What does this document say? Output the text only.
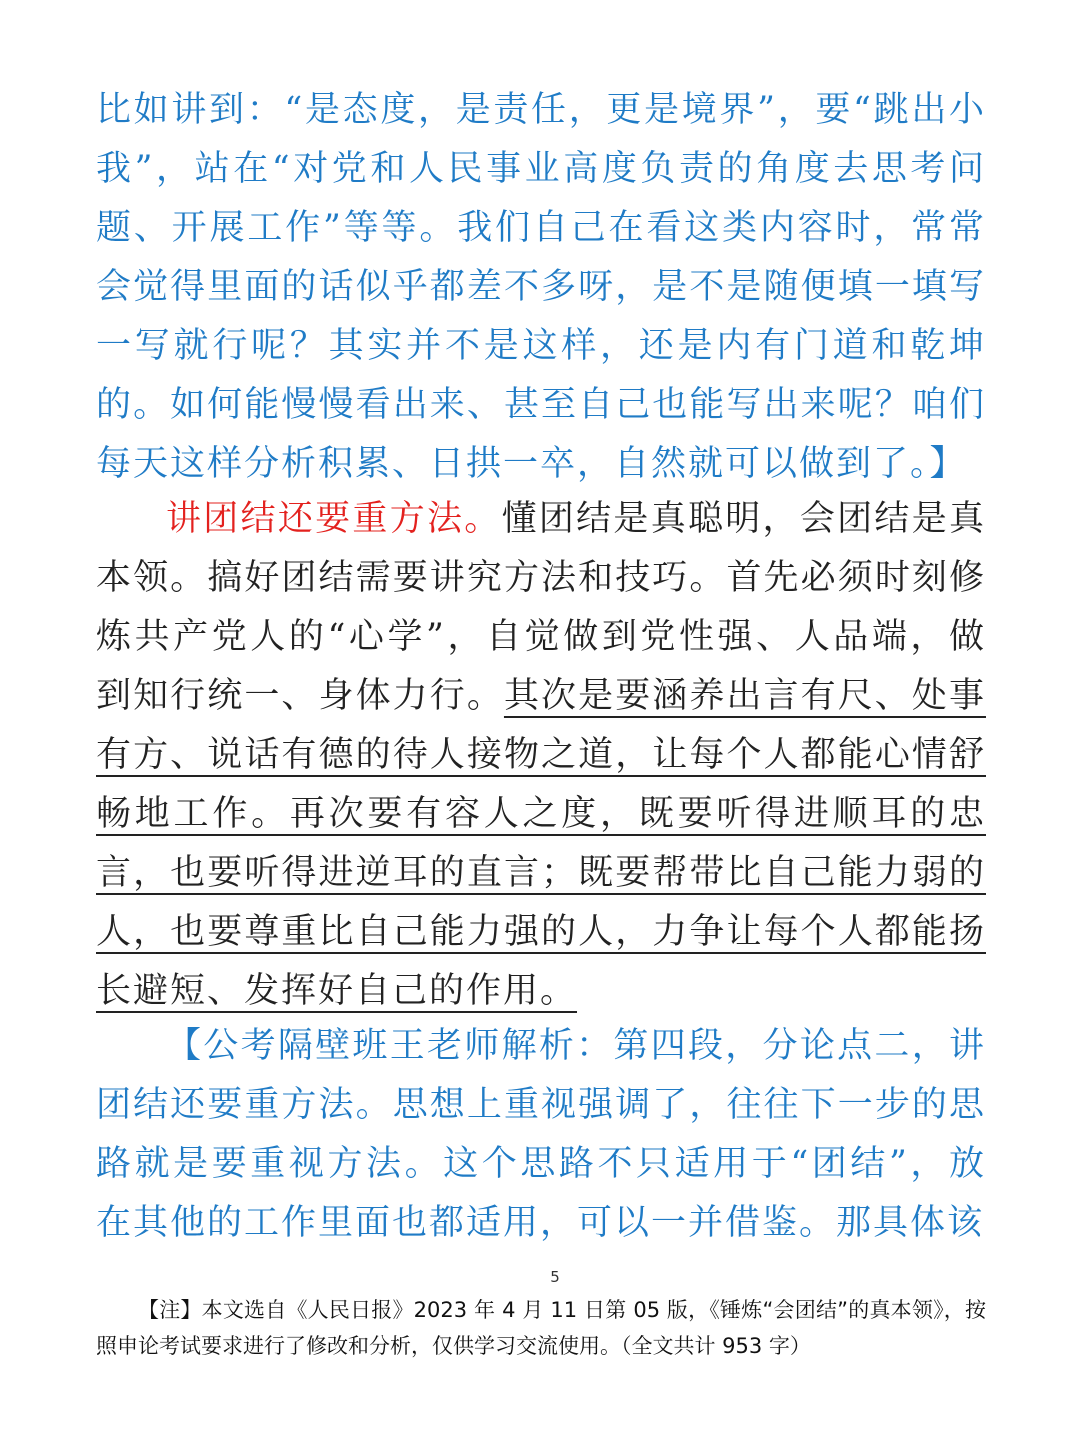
比如讲到：“是态度，是责任，更是境界”，要“跳出小我”，站在“对党和人民事业高度负责的角度去思考问题、开展工作”等等。我们自己在看这类内容时，常常会觉得里面的话似乎都差不多呀，是不是随便填一填写一写就行呢？其实并不是这样，还是内有门道和乾坤的。如何能慢慢看出来、甚至自己也能写出来呢？咱们每天这样分析积累、日拱一卒，自然就可以做到了。】
讲团结还要重方法。懂团结是真聪明，会团结是真本领。搞好团结需要讲究方法和技巧。首先必须时刻修炼共产党人的“心学”，自觉做到党性强、人品端，做到知行统一、身体力行。其次是要涵养出言有尺、处事有方、说话有德的待人接物之道，让每个人都能心情舒畅地工作。再次要有容人之度，既要听得进顺耳的忠言，也要听得进逆耳的直言；既要帮带比自己能力弱的人，也要尊重比自己能力强的人，力争让每个人都能扬长避短、发挥好自己的作用。
【公考隔壁班王老师解析：第四段，分论点二，讲团结还要重方法。思想上重视强调了，往往下一步的思路就是要重视方法。这个思路不只适用于“团结”，放在其他的工作里面也都适用，可以一并借鉴。那具体该
5
【注】本文选自《人民日报》2023 年 4 月 11 日第 05 版，《锤炼“会团结”的真本领》，按照申论考试要求进行了修改和分析，仅供学习交流使用。（全文共计 953 字）
